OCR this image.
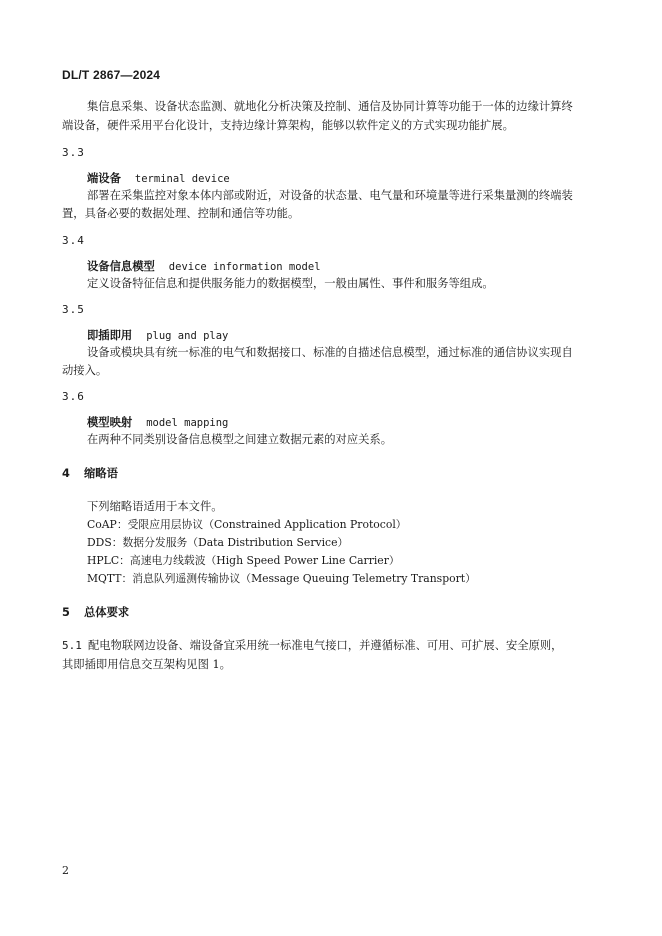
DL/T 2867—2024
集信息采集、设备状态监测、就地化分析决策及控制、通信及协同计算等功能于一体的边缘计算终
端设备，硬件采用平台化设计，支持边缘计算架构，能够以软件定义的方式实现功能扩展。
3.3
端设备 terminal device
部署在采集监控对象本体内部或附近，对设备的状态量、电气量和环境量等进行采集量测的终端装
置，具备必要的数据处理、控制和通信等功能。
3.4
设备信息模型 device information model
定义设备特征信息和提供服务能力的数据模型，一般由属性、事件和服务等组成。
3.5
即插即用 plug and play
设备或模块具有统一标准的电气和数据接口、标准的自描述信息模型，通过标准的通信协议实现自
动接入。
3.6
模型映射 model mapping
在两种不同类别设备信息模型之间建立数据元素的对应关系。
4 缩略语
下列缩略语适用于本文件。
CoAP：受限应用层协议（Constrained Application Protocol）
DDS：数据分发服务（Data Distribution Service）
HPLC：高速电力线载波（High Speed Power Line Carrier）
MQTT：消息队列遥测传输协议（Message Queuing Telemetry Transport）
5 总体要求
5.1 配电物联网边设备、端设备宜采用统一标准电气接口，并遵循标准、可用、可扩展、安全原则，
其即插即用信息交互架构见图 1。
2
